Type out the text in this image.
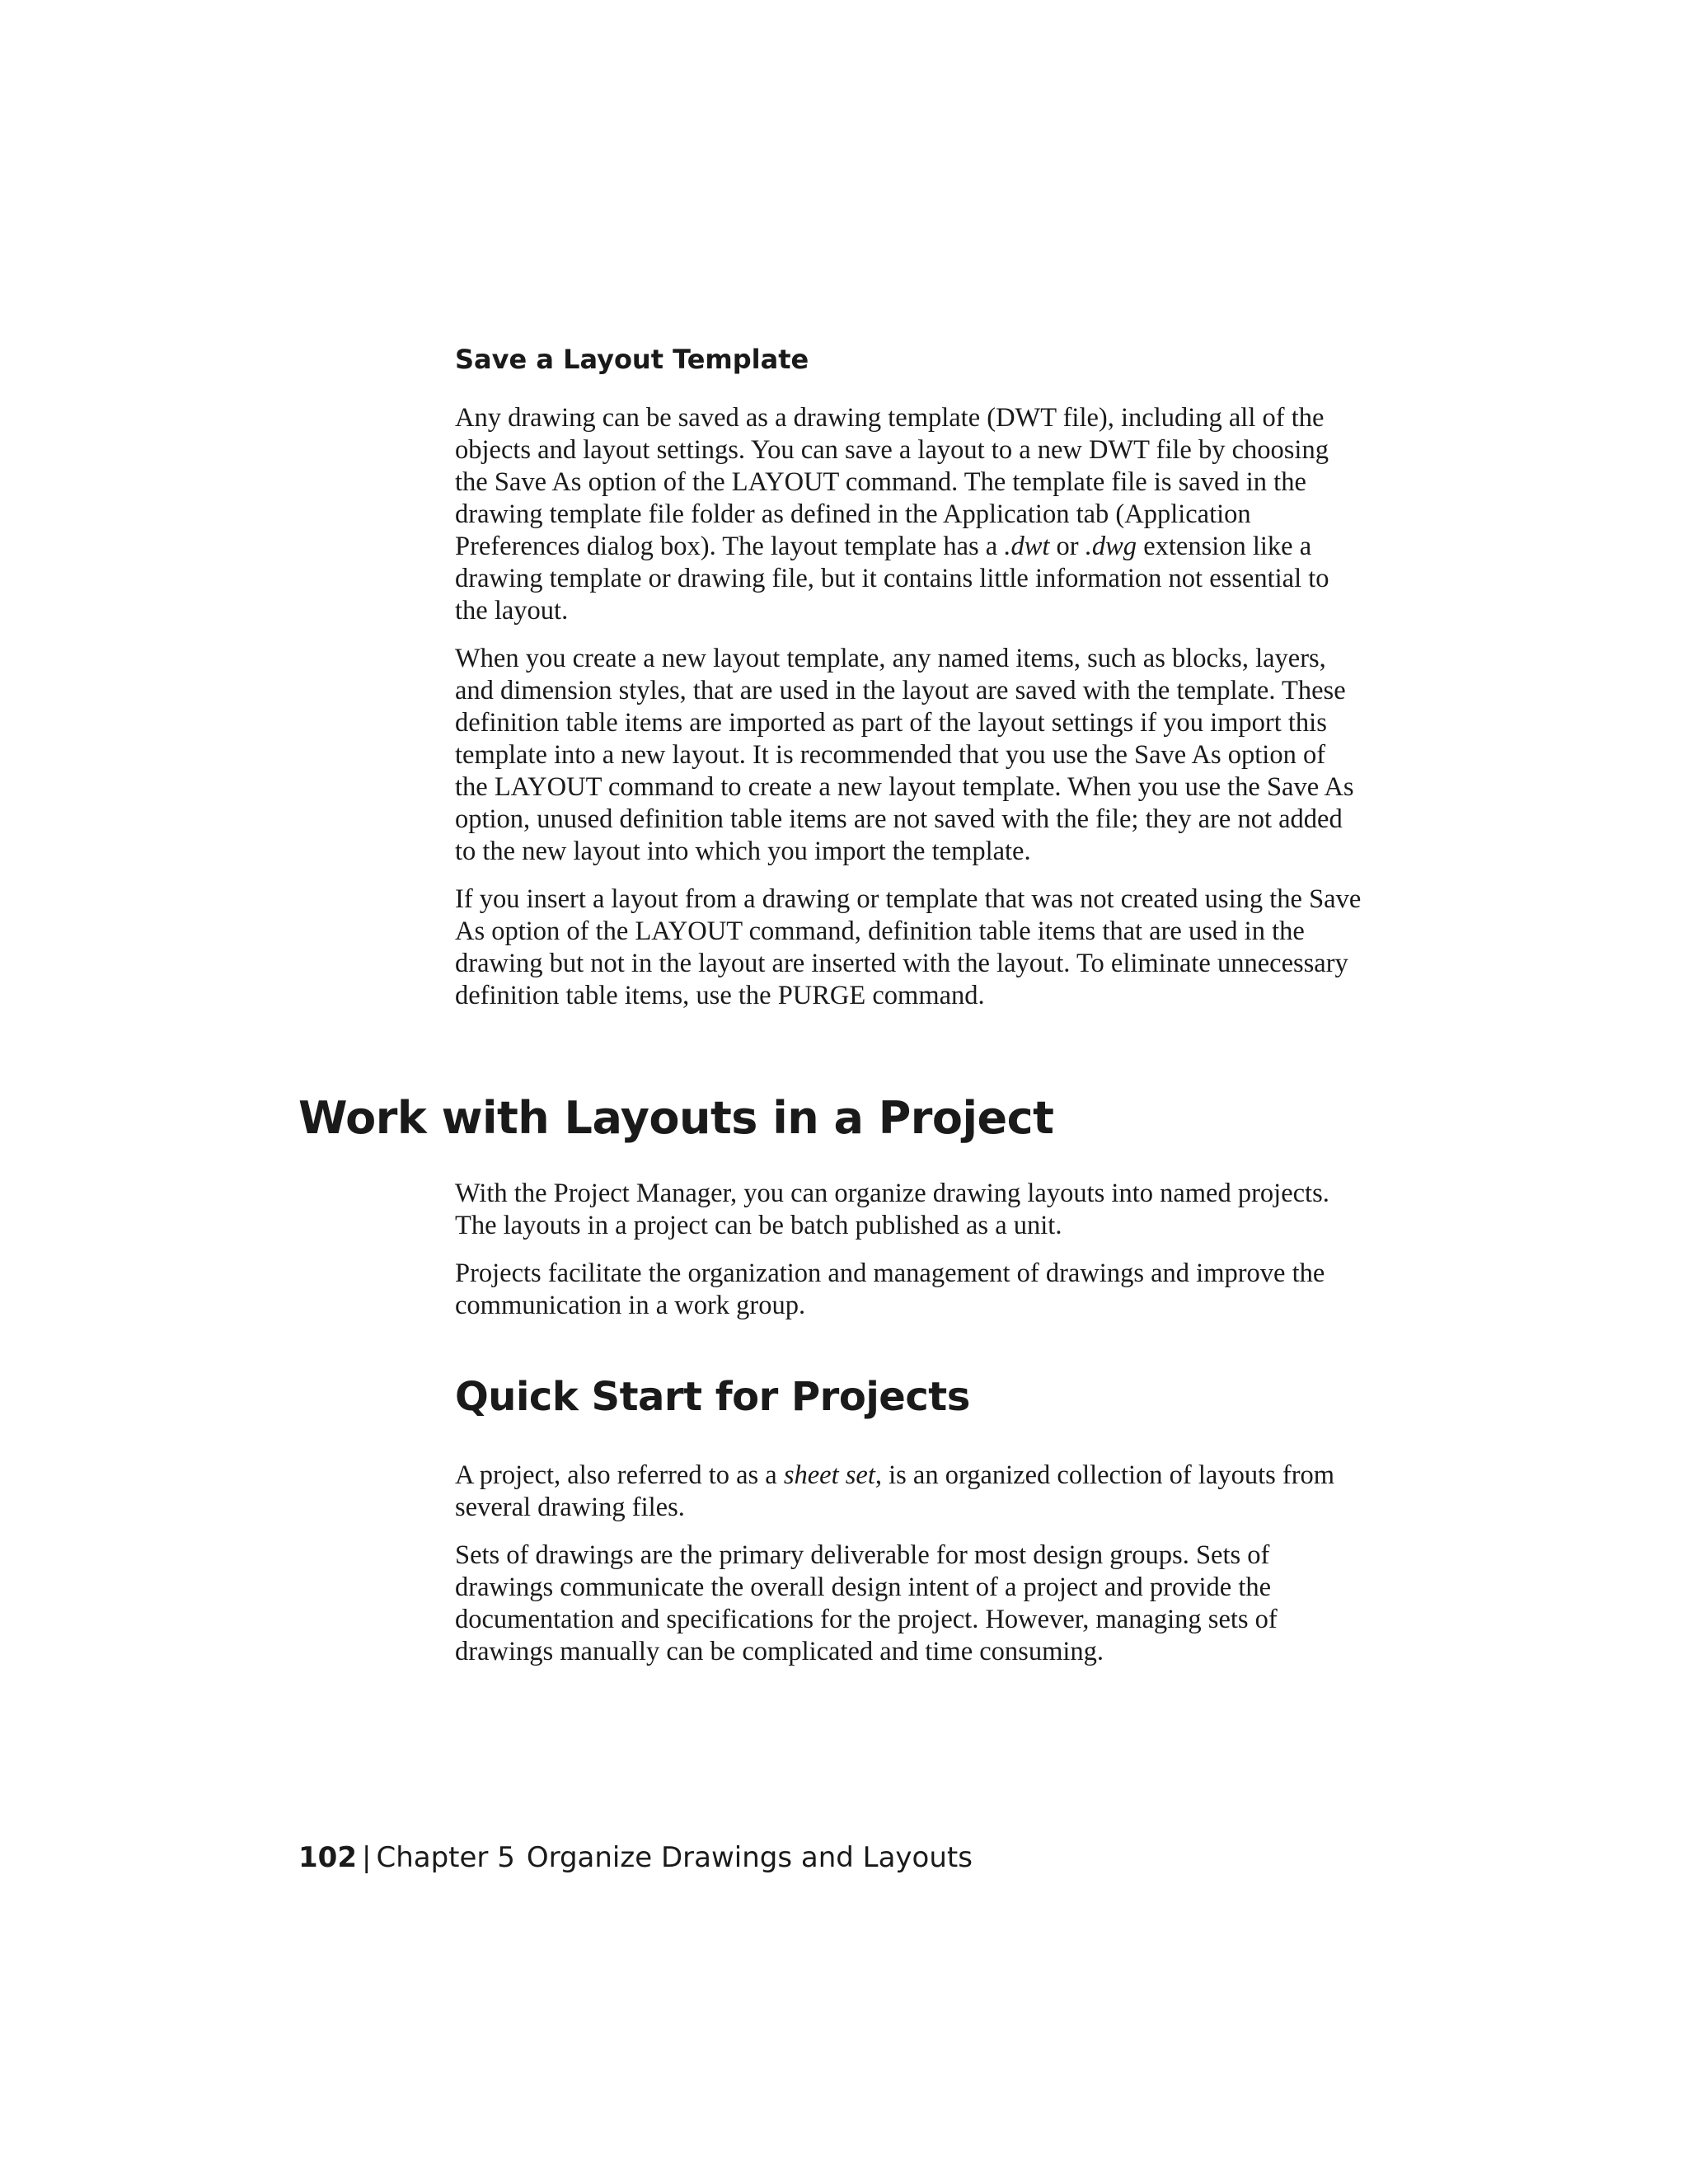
Save a Layout Template

Any drawing can be saved as a drawing template (DWT file), including all of the objects and layout settings. You can save a layout to a new DWT file by choosing the Save As option of the LAYOUT command. The template file is saved in the drawing template file folder as defined in the Application tab (Application Preferences dialog box). The layout template has a .dwt or .dwg extension like a drawing template or drawing file, but it contains little information not essential to the layout.

When you create a new layout template, any named items, such as blocks, layers, and dimension styles, that are used in the layout are saved with the template. These definition table items are imported as part of the layout settings if you import this template into a new layout. It is recommended that you use the Save As option of the LAYOUT command to create a new layout template. When you use the Save As option, unused definition table items are not saved with the file; they are not added to the new layout into which you import the template.

If you insert a layout from a drawing or template that was not created using the Save As option of the LAYOUT command, definition table items that are used in the drawing but not in the layout are inserted with the layout. To eliminate unnecessary definition table items, use the PURGE command.

Work with Layouts in a Project

With the Project Manager, you can organize drawing layouts into named projects. The layouts in a project can be batch published as a unit.

Projects facilitate the organization and management of drawings and improve the communication in a work group.

Quick Start for Projects

A project, also referred to as a sheet set, is an organized collection of layouts from several drawing files.

Sets of drawings are the primary deliverable for most design groups. Sets of drawings communicate the overall design intent of a project and provide the documentation and specifications for the project. However, managing sets of drawings manually can be complicated and time consuming.

102 | Chapter 5 Organize Drawings and Layouts
